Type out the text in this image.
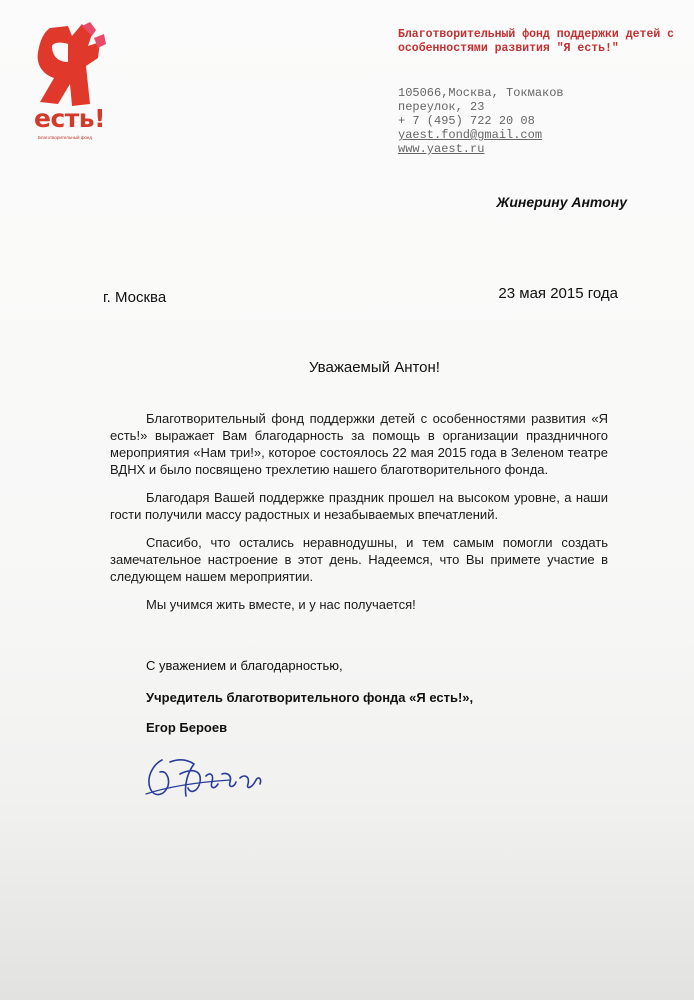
есть!
Благотворительный фонд
Благотворительный фонд поддержки детей с особенностями развития "Я есть!"
105066,Москва, Токмаков
переулок, 23
+ 7 (495) 722 20 08
yaest.fond@gmail.com
www.yaest.ru
Жинерину Антону
г. Москва	23 мая 2015 года
Уважаемый Антон!

Благотворительный фонд поддержки детей с особенностями развития «Я есть!» выражает Вам благодарность за помощь в организации праздничного мероприятия «Нам три!», которое состоялось 22 мая 2015 года в Зеленом театре ВДНХ и было посвящено трехлетию нашего благотворительного фонда.

Благодаря Вашей поддержке праздник прошел на высоком уровне, а наши гости получили массу радостных и незабываемых впечатлений.

Спасибо, что остались неравнодушны, и тем самым помогли создать замечательное настроение в этот день. Надеемся, что Вы примете участие в следующем нашем мероприятии.

Мы учимся жить вместе, и у нас получается!

С уважением и благодарностью,
Учредитель благотворительного фонда «Я есть!»,
Егор Бероев
